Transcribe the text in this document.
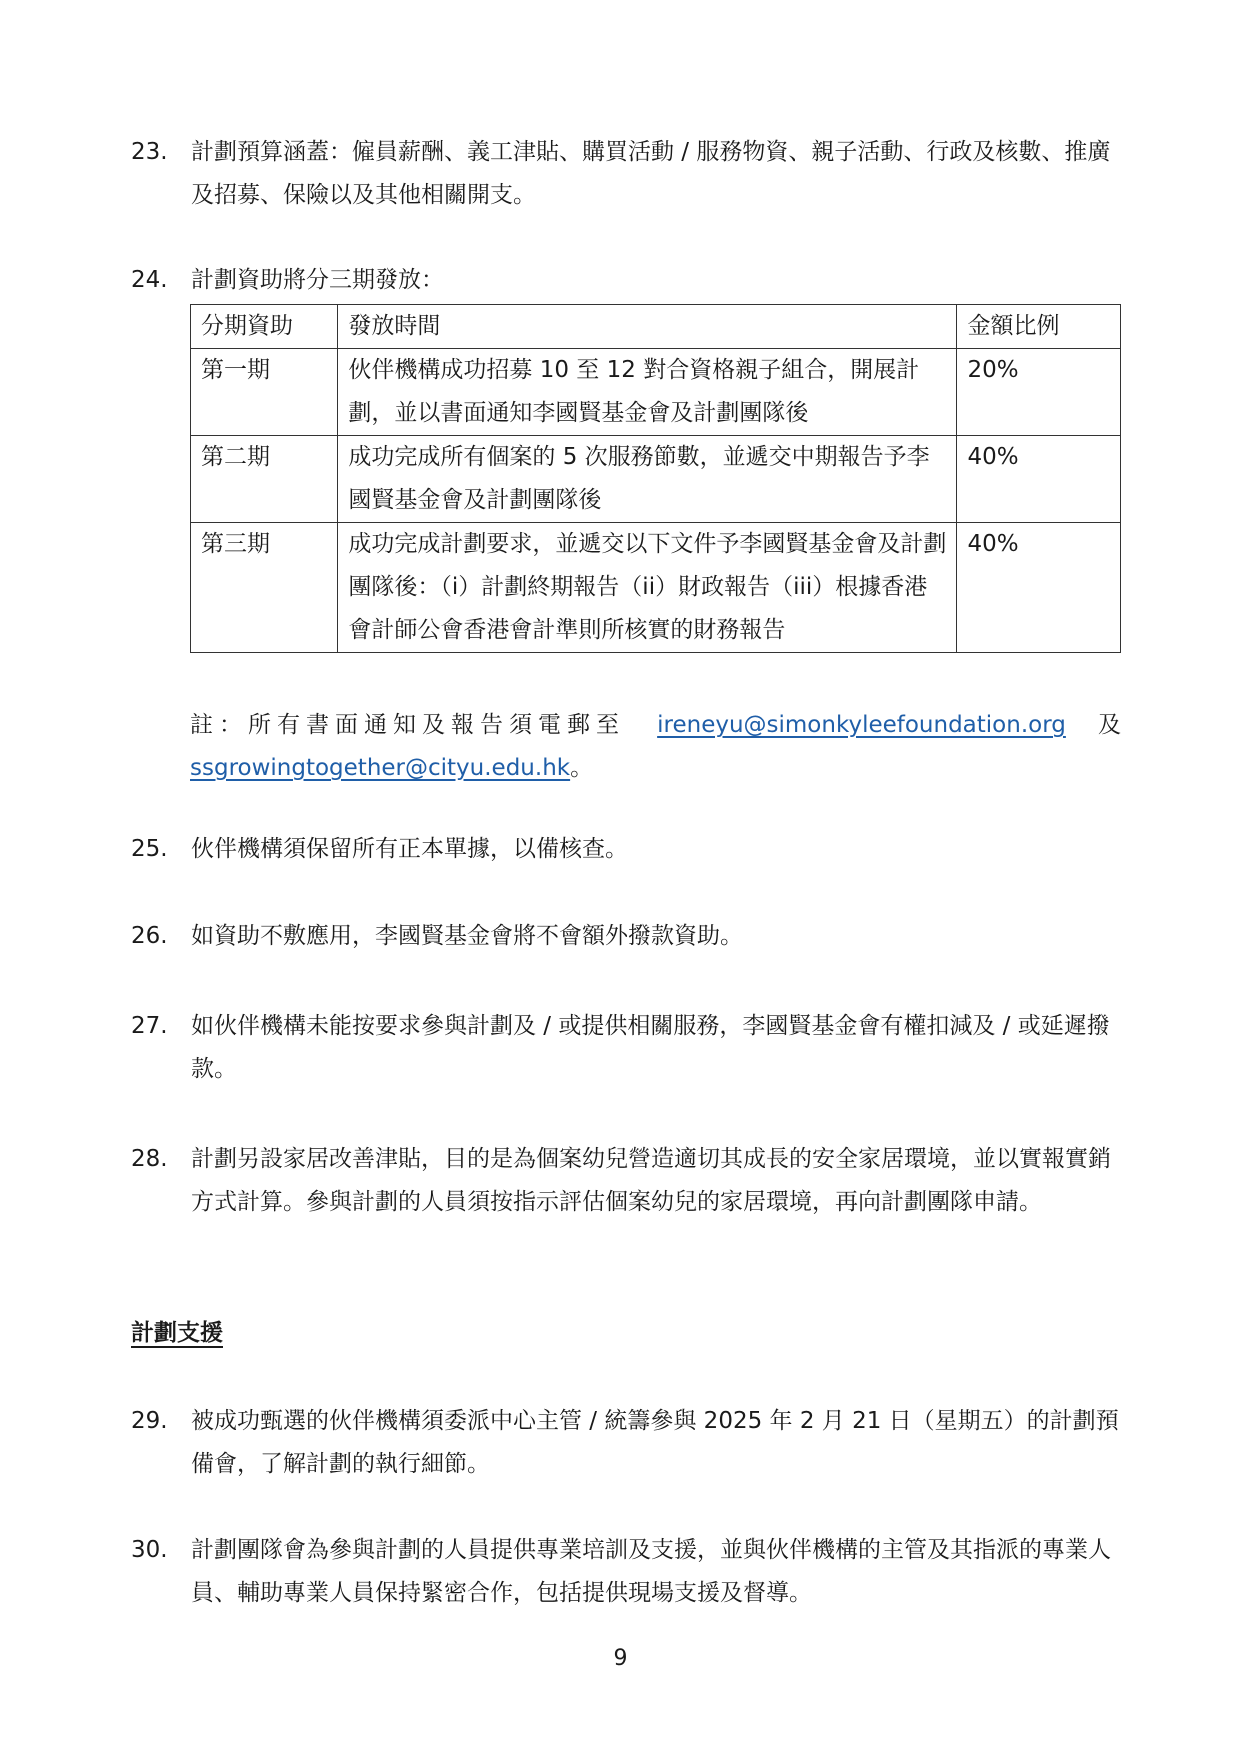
23. 計劃預算涵蓋：僱員薪酬、義工津貼、購買活動 / 服務物資、親子活動、行政及核數、推廣及招募、保險以及其他相關開支。
24. 計劃資助將分三期發放：
分期資助	發放時間	金額比例
第一期	伙伴機構成功招募 10 至 12 對合資格親子組合，開展計劃，並以書面通知李國賢基金會及計劃團隊後	20%
第二期	成功完成所有個案的 5 次服務節數，並遞交中期報告予李國賢基金會及計劃團隊後	40%
第三期	成功完成計劃要求，並遞交以下文件予李國賢基金會及計劃團隊後：（i）計劃終期報告（ii）財政報告（iii）根據香港會計師公會香港會計準則所核實的財務報告	40%
註：所有書面通知及報告須電郵至 ireneyu@simonkyleefoundation.org 及
ssgrowingtogether@cityu.edu.hk。
25. 伙伴機構須保留所有正本單據，以備核查。
26. 如資助不敷應用，李國賢基金會將不會額外撥款資助。
27. 如伙伴機構未能按要求參與計劃及 / 或提供相關服務，李國賢基金會有權扣減及 / 或延遲撥款。
28. 計劃另設家居改善津貼，目的是為個案幼兒營造適切其成長的安全家居環境，並以實報實銷方式計算。參與計劃的人員須按指示評估個案幼兒的家居環境，再向計劃團隊申請。
計劃支援
29. 被成功甄選的伙伴機構須委派中心主管 / 統籌參與 2025 年 2 月 21 日（星期五）的計劃預備會，了解計劃的執行細節。
30. 計劃團隊會為參與計劃的人員提供專業培訓及支援，並與伙伴機構的主管及其指派的專業人員、輔助專業人員保持緊密合作，包括提供現場支援及督導。
9
